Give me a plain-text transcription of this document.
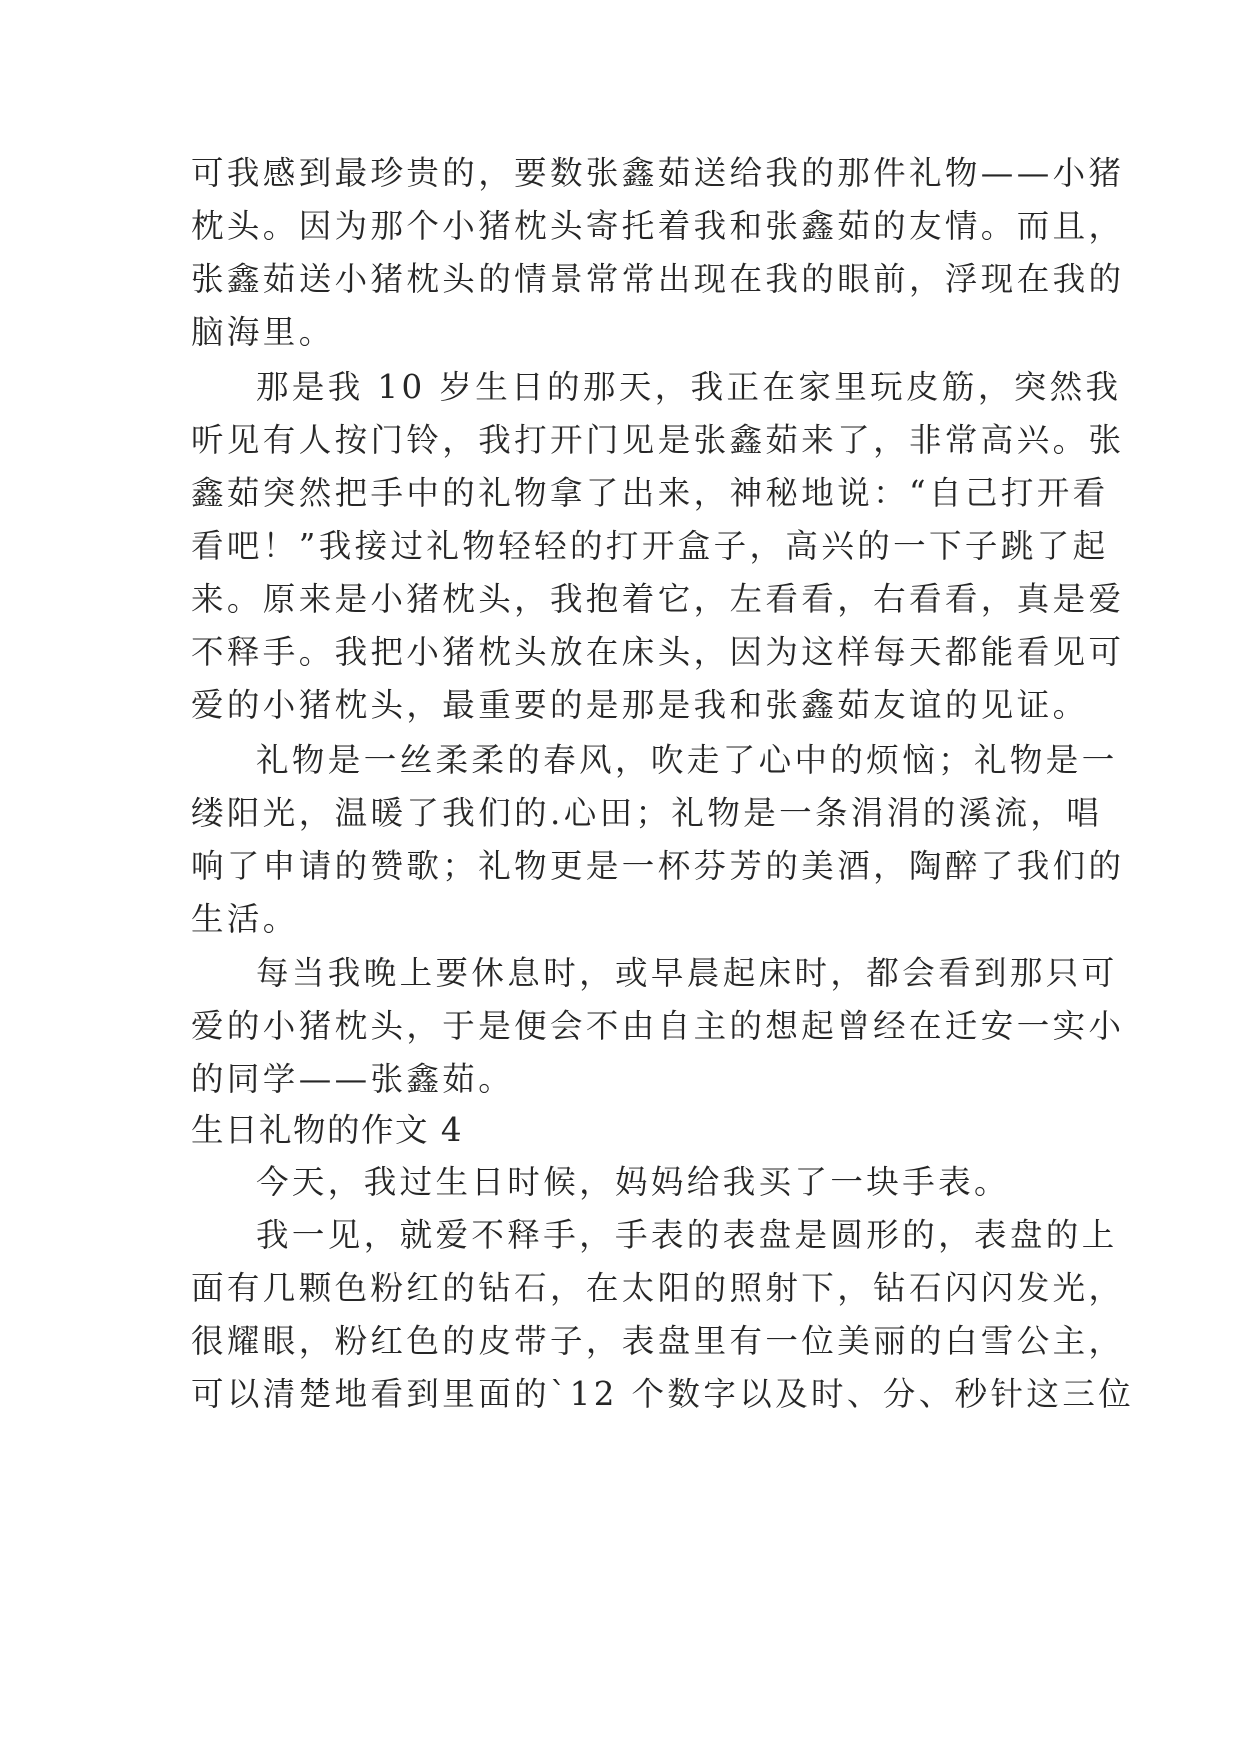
可我感到最珍贵的，要数张鑫茹送给我的那件礼物——小猪
枕头。因为那个小猪枕头寄托着我和张鑫茹的友情。而且，
张鑫茹送小猪枕头的情景常常出现在我的眼前，浮现在我的
脑海里。
那是我 10 岁生日的那天，我正在家里玩皮筋，突然我
听见有人按门铃，我打开门见是张鑫茹来了，非常高兴。张
鑫茹突然把手中的礼物拿了出来，神秘地说：“自己打开看
看吧！”我接过礼物轻轻的打开盒子，高兴的一下子跳了起
来。原来是小猪枕头，我抱着它，左看看，右看看，真是爱
不释手。我把小猪枕头放在床头，因为这样每天都能看见可
爱的小猪枕头，最重要的是那是我和张鑫茹友谊的见证。
礼物是一丝柔柔的春风，吹走了心中的烦恼；礼物是一
缕阳光，温暖了我们的.心田；礼物是一条涓涓的溪流，唱
响了申请的赞歌；礼物更是一杯芬芳的美酒，陶醉了我们的
生活。
每当我晚上要休息时，或早晨起床时，都会看到那只可
爱的小猪枕头，于是便会不由自主的想起曾经在迁安一实小
的同学——张鑫茹。
生日礼物的作文 4
今天，我过生日时候，妈妈给我买了一块手表。
我一见，就爱不释手，手表的表盘是圆形的，表盘的上
面有几颗色粉红的钻石，在太阳的照射下，钻石闪闪发光，
很耀眼，粉红色的皮带子，表盘里有一位美丽的白雪公主，
可以清楚地看到里面的`12 个数字以及时、分、秒针这三位
